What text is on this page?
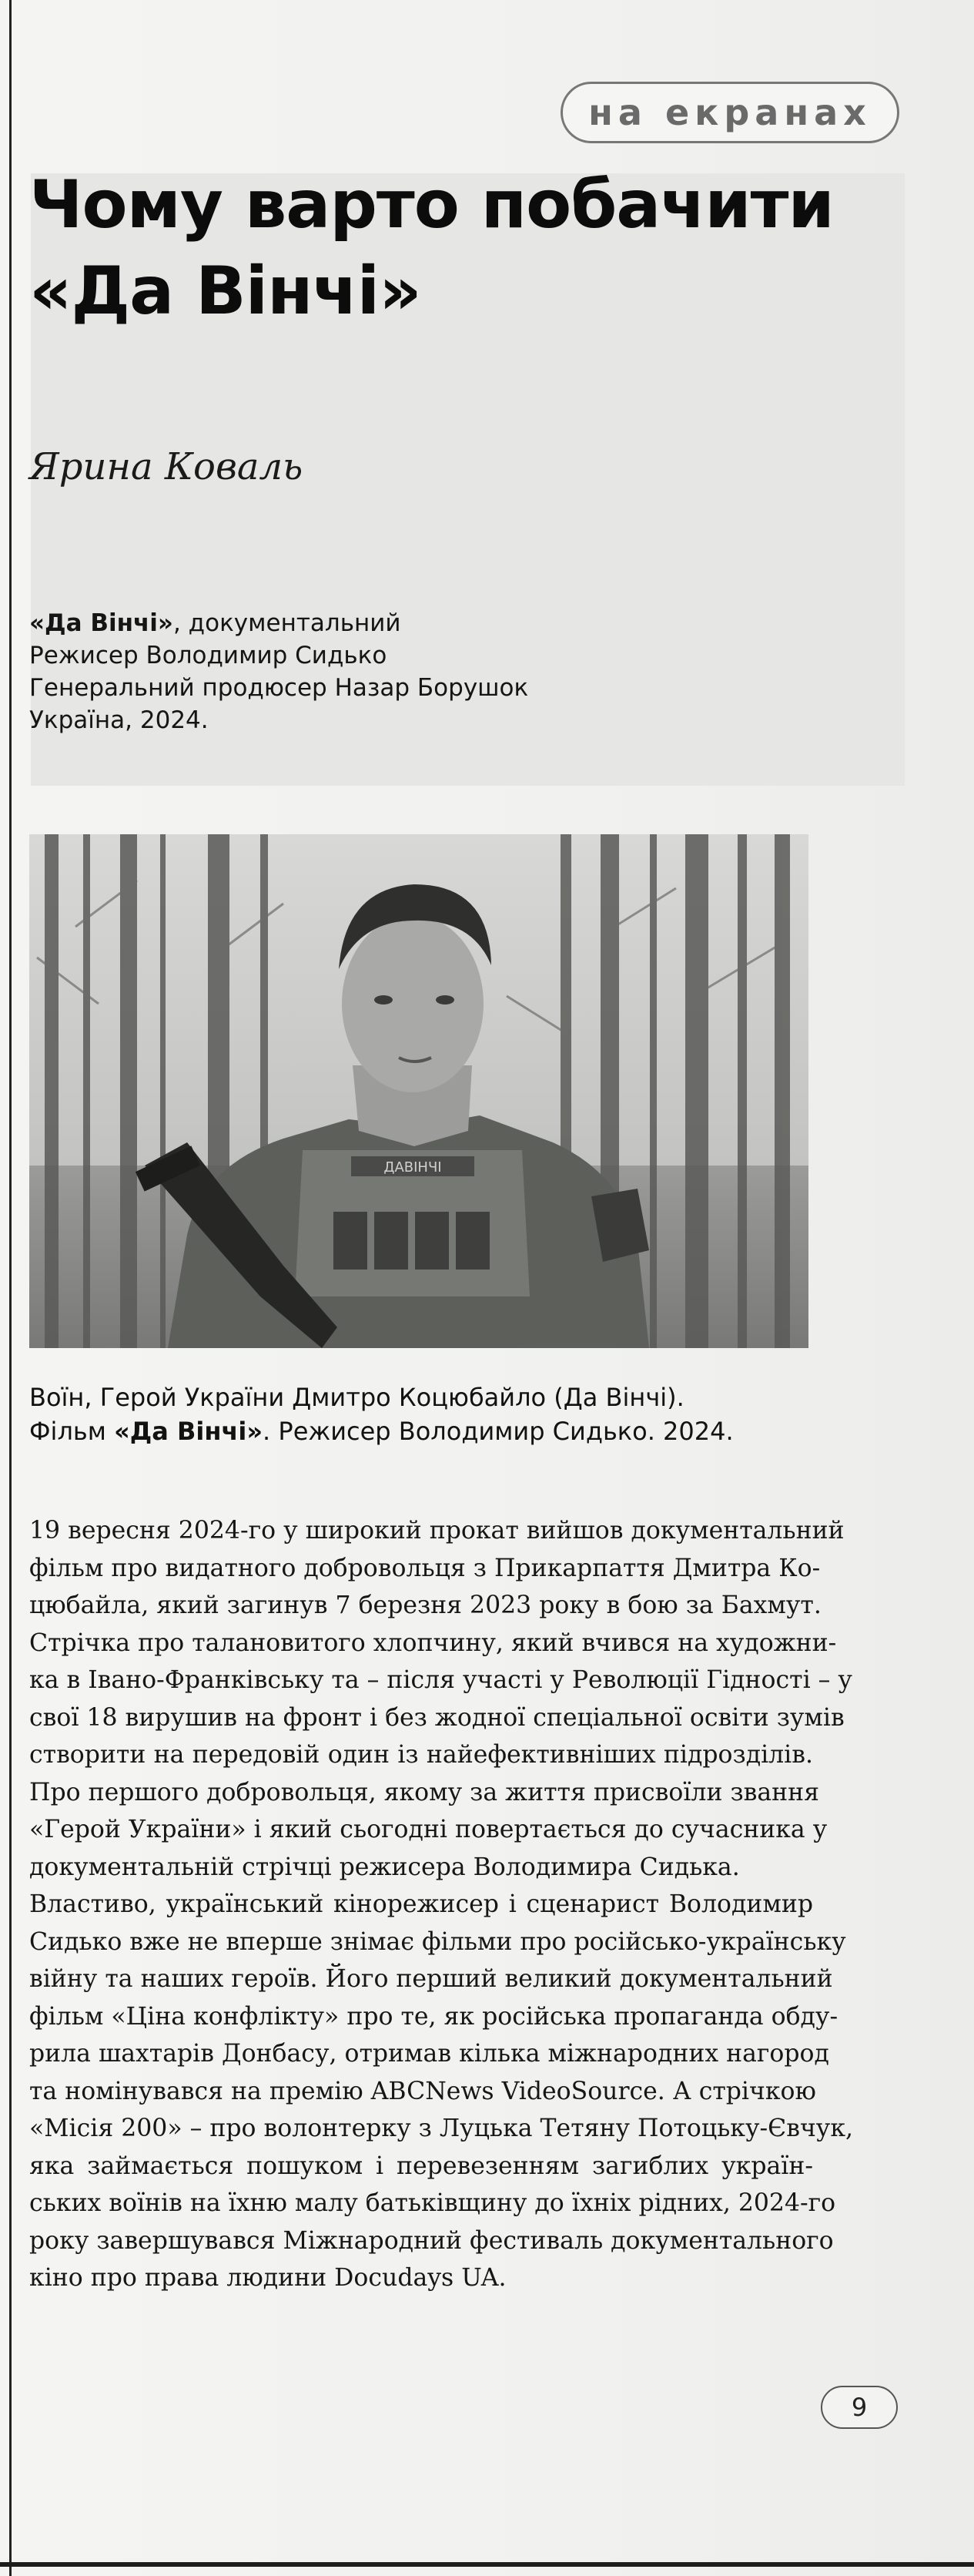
на екранах
Чому варто побачити
«Да Вінчі»
Ярина Коваль
«Да Вінчі», документальний
Режисер Володимир Сидько
Генеральний продюсер Назар Борушок
Україна, 2024.
ДАВІНЧІ
Воїн, Герой України Дмитро Коцюбайло (Да Вінчі).
Фільм «Да Вінчі». Режисер Володимир Сидько. 2024.
19 вересня 2024-го у широкий прокат вийшов документальний
фільм про видатного добровольця з Прикарпаття Дмитра Ко-
цюбайла, який загинув 7 березня 2023 року в бою за Бахмут.
Стрічка про талановитого хлопчину, який вчився на художни-
ка в Івано-Франківську та – після участі у Революції Гідності – у
свої 18 вирушив на фронт і без жодної спеціальної освіти зумів
створити на передовій один із найефективніших підрозділів.
Про першого добровольця, якому за життя присвоїли звання
«Герой України» і який сьогодні повертається до сучасника у
документальній стрічці режисера Володимира Сидька.
Властиво, український кінорежисер і сценарист Володимир
Сидько вже не вперше знімає фільми про російсько-українську
війну та наших героїв. Його перший великий документальний
фільм «Ціна конфлікту» про те, як російська пропаганда обду-
рила шахтарів Донбасу, отримав кілька міжнародних нагород
та номінувався на премію ABCNews VideoSource. А стрічкою
«Місія 200» – про волонтерку з Луцька Тетяну Потоцьку-Євчук,
яка займається пошуком і перевезенням загиблих україн-
ських воїнів на їхню малу батьківщину до їхніх рідних, 2024-го
року завершувався Міжнародний фестиваль документального
кіно про права людини Docudays UA.
9
